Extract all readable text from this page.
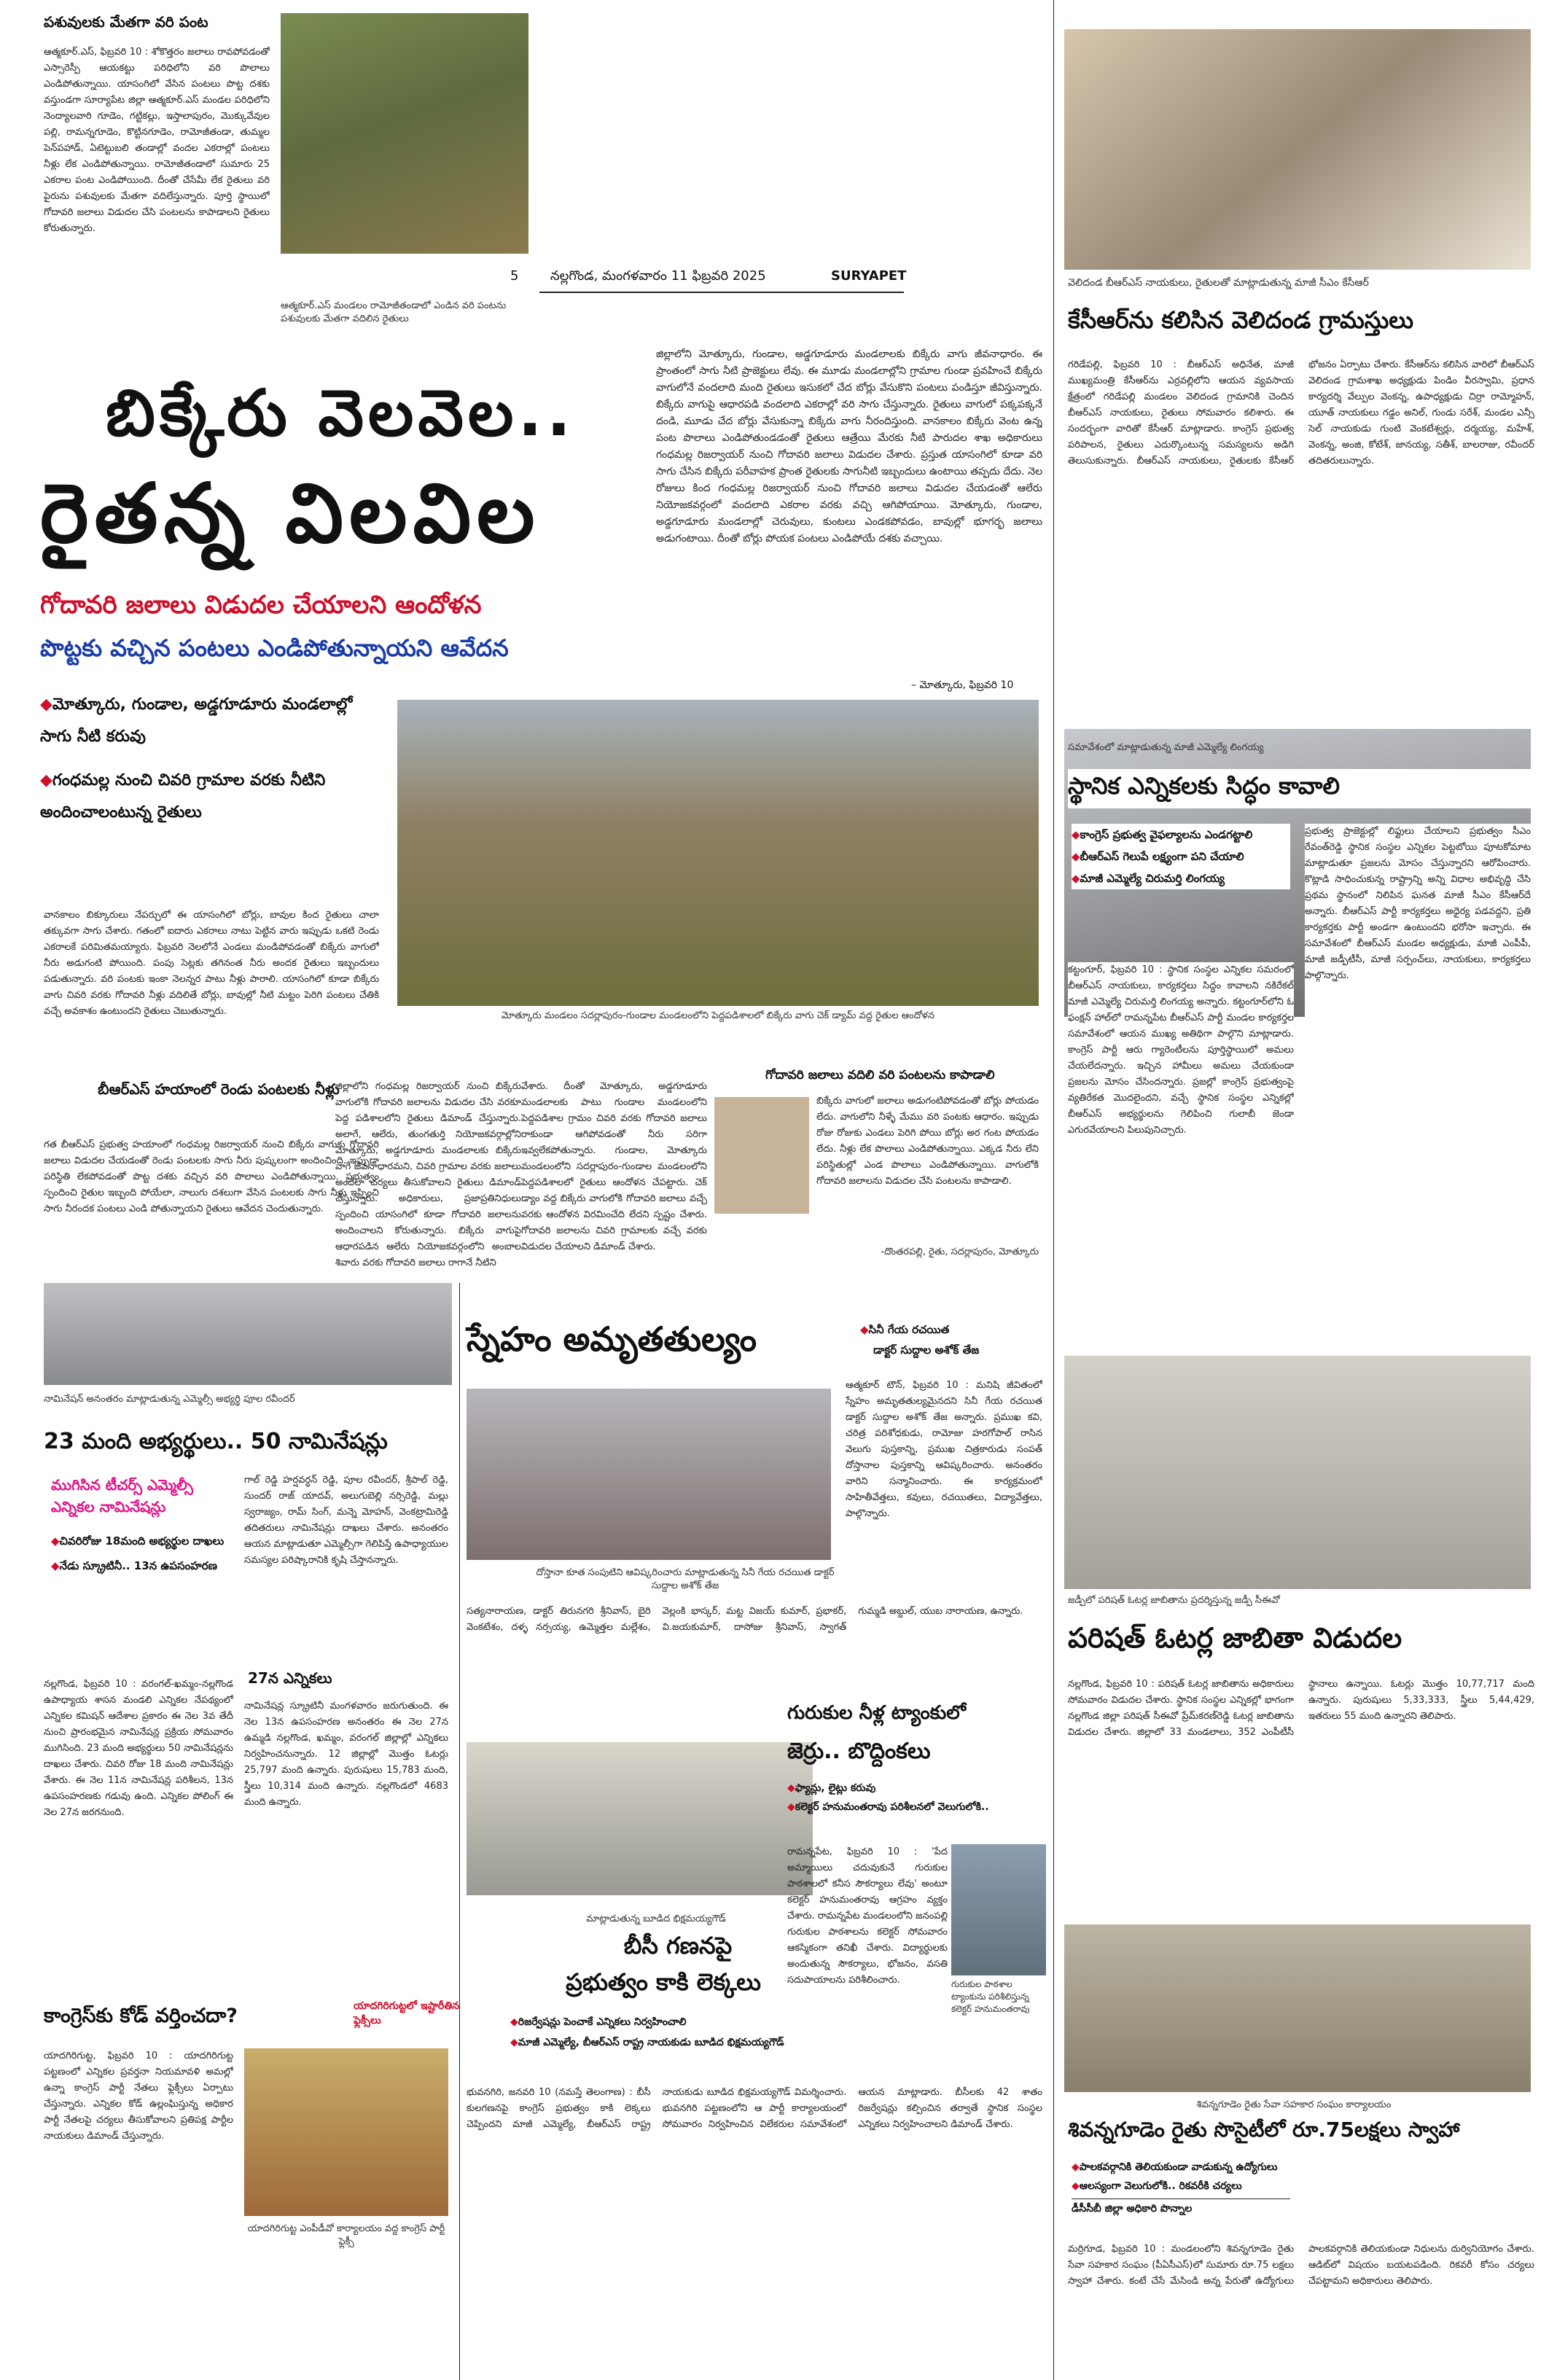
పశువులకు మేతగా వరి పంట
ఆత్మకూర్.ఎస్, ఫిబ్రవరి 10 : శోకొత్తరం జలాలు రావపోవడంతో ఎస్సారెస్పీ ఆయకట్టు పరిధిలోని వరి పొలాలు ఎండిపోతున్నాయి. యాసంగిలో వేసిన పంటలు పొట్ట దశకు వస్తుండగా సూర్యాపేట జిల్లా ఆత్మకూర్.ఎస్ మండల పరిధిలోని నెంద్యాలవారి గూడెం, గట్టికల్లు, ఇస్తాలాపురం, మొక్కువేవుల పల్లి, రామన్నగూడెం, కొట్టినగూడెం, రామోజీతండా, తుమ్మల పెన్‌పహాడ్, ఏటెట్టుబలి తండాల్లో వందల ఎకరాల్లో పంటలు నీళ్లు లేక ఎండిపోతున్నాయి. రామోజీతండాలో సుమారు 25 ఎకరాల పంట ఎండిపోయింది. దీంతో చేసేమీ లేక రైతులు వరి పైరును పశువులకు మేతగా వదిలేస్తున్నారు. పూర్తి స్థాయిలో గోదావరి జలాలు విడుదల చేసి పంటలను కాపాడాలని రైతులు కోరుతున్నారు.
ఆత్మకూర్.ఎస్ మండలం రామోజీతండాలో ఎండిన వరి పంటను పశువులకు మేతగా వదిలిన రైతులు
5 నల్లగొండ, మంగళవారం 11 ఫిబ్రవరి 2025	SURYAPET
బిక్కేరు వెలవెల..
రైతన్న విలవిల
గోదావరి జలాలు విడుదల చేయాలని ఆందోళన
పొట్టకు వచ్చిన పంటలు ఎండిపోతున్నాయని ఆవేదన
◆ మోత్కూరు, గుండాల, అడ్డగూడూరు మండలాల్లో సాగు నీటి కరువు
◆ గంధమల్ల నుంచి చివరి గ్రామాల వరకు నీటిని అందించాలంటున్న రైతులు
జిల్లాలోని మోత్కూరు, గుండాల, అడ్డగూడూరు మండలాలకు బిక్కేరు వాగు జీవనాధారం. ఈ ప్రాంతంలో సాగు నీటి ప్రాజెక్టులు లేవు. ఈ మూడు మండలాల్లోని గ్రామాల గుండా ప్రవహించే బిక్కేరు వాగులోనే వందలాది మంది రైతులు ఇసుకలో చేద బోర్లు వేసుకొని పంటలు పండిస్తూ జీవిస్తున్నారు. బిక్కేరు వాగుపై ఆధారపడి వందలాది ఎకరాల్లో వరి సాగు చేస్తున్నారు. రైతులు వాగులో పక్కపక్కనే దండి, మూడు చేద బోర్లు వేసుకున్నా బిక్కేరు వాగు నీరందిస్తుంది. వానకాలం బిక్కేరు వెంట ఉన్న పంట పొలాలు ఎండిపోతుండడంతో రైతులు ఆత్రేయి మేరకు నీటి పారుదల శాఖ అధికారులు గంధమల్ల రిజర్వాయర్ నుంచి గోదావరి జలాలు విడుదల చేశారు. ప్రస్తుత యాసంగిలో కూడా వరి సాగు చేసిన బిక్కేరు పరీవాహక ప్రాంత రైతులకు సాగునీటి ఇబ్బందులు ఉంటాయి తప్పదు దేదు. నెల రోజులు కింద గంధమల్ల రిజర్వాయర్ నుంచి గోదావరి జలాలు విడుదల చేయడంతో ఆలేరు నియోజకవర్గంలో వందలాది ఎకరాల వరకు వచ్చి ఆగిపోయాయి. మోత్కూరు, గుండాల, అడ్డగూడూరు మండలాల్లో చెరువులు, కుంటలు ఎండకపోవడం, బావుల్లో భూగర్భ జలాలు అడుగంటాయి. దీంతో బోర్లు పోయక పంటలు ఎండిపోయే దశకు వచ్చాయి.
– మోత్కూరు, ఫిబ్రవరి 10
వానకాలం బిక్కూరులు నేపర్చులో ఈ యాసంగిలో బోర్లు, బావుల కింద రైతులు చాలా తక్కువగా సాగు చేశారు. గతంలో ఐదారు ఎకరాలు నాటు పెట్టిన వారు ఇప్పుడు ఒకటి రెండు ఎకరాలకే పరిమితమయ్యారు. ఫిబ్రవరి నెలలోనే ఎండలు మండిపోవడంతో బిక్కేరు వాగులో నీరు అడుగంటి పోయింది. పంపు సెట్లకు తగినంత నీరు అందక రైతులు ఇబ్బందులు పడుతున్నారు. వరి పంటకు ఇంకా నెలన్నర పాటు నీళ్లు పారాలి. యాసంగిలో కూడా బిక్కేరు వాగు చివరి వరకు గోదావరి నీళ్లు వదిలితే బోర్లు, బావుల్లో నీటి మట్టం పెరిగి పంటలు చేతికి వచ్చే అవకాశం ఉంటుందని రైతులు చెబుతున్నారు.	మోత్కూరు మండలం సదర్లాపురం-గుండాల మండలంలోని పెద్దపడిశాలలో బిక్కేరు వాగు చెక్ డ్యామ్ వద్ద రైతుల ఆందోళన
బీఆర్‌ఎస్ హయాంలో రెండు పంటలకు నీళ్లు
గత బీఆర్‌ఎస్ ప్రభుత్వ హయాంలో గంధమల్ల రిజర్వాయర్ నుంచి బిక్కేరు వాగుకు గోదావరి జలాలు విడుదల చేయడంతో రెండు పంటలకు సాగు నీరు పుష్కలంగా అందించింది. ఇప్పుడా పరిస్థితి లేకపోవడంతో పొట్ట దశకు వచ్చిన వరి పొలాలు ఎండిపోతున్నాయి. ప్రభుత్వం స్పందించి రైతుల ఇబ్బంది పోయేలా, నాలుగు దశలుగా వేసిన పంటలకు సాగు నీళ్లు ఇప్పించి సాగు నీరందక పంటలు ఎండి పోతున్నాయని రైతులు ఆవేదన చెందుతున్నారు.
జిల్లాలోని గంధమల్ల రిజర్వాయర్ నుంచి బిక్కేరు వాగులోకి గోదావరి జలాలను విడుదల చేసి వరకూ పెద్ద పడిశాలలోని రైతులు డిమాండ్ చేస్తున్నారు. అలాగే, ఆలేరు, తుంగతుర్తి నియోజకవర్గాల్లోని మోత్కూరు, అడ్డగూడూరు మండలాలకు బిక్కేరు వాగే జీవనాధారమని, చివరి గ్రామాల వరకు జలాలు అందేలా చర్యలు తీసుకోవాలని రైతులు డిమాండ్ చేస్తున్నారు. అధికారులు, ప్రజాప్రతినిధులు స్పందించి యాసంగిలో కూడా గోదావరి జలాలను అందించాలని కోరుతున్నారు. బిక్కేరు వాగుపై ఆధారపడిన ఆలేరు నియోజకవర్గంలోని అంబాల శివారు వరకు గోదావరి జలాలు రాగానే నీటిని
వేశారు. దీంతో మోత్కూరు, అడ్డగూడూరు మండలాలకు పాటు గుండాల మండలంలోని పెద్దపడిశాల గ్రామం చివరి వరకు గోదావరి జలాలు రాకుండా ఆగిపోవడంతో నీరు సరిగా ఇవ్వలేకపోతున్నారు. గుండాల, మోత్కూరు మండలంలోని సదర్లాపురం-గుండాల మండలంలోని పెద్దపడిశాలలో రైతులు ఆందోళన చేపట్టారు. చెక్ డ్యాం వద్ద బిక్కేరు వాగులోకి గోదావరి జలాలు వచ్చే వరకు ఆందోళన విరమించేది లేదని స్పష్టం చేశారు. గోదావరి జలాలను చివరి గ్రామాలకు వచ్చే వరకు విడుదల చేయాలని డిమాండ్ చేశారు.
గోదావరి జలాలు వదిలి వరి పంటలను కాపాడాలి
బిక్కేరు వాగులో జలాలు అడుగంటిపోవడంతో బోర్లు పోయడం లేదు. వాగులోని నీళ్ళే మేము వరి పంటకు ఆధారం. ఇప్పుడు రోజు రోజుకు ఎండలు పెరిగి పోయి బోర్లు అర గంట పోయడం లేదు. నీళ్లు లేక పొలాలు ఎండిపోతున్నాయి. ఎక్కడ నీరు లేని పరిస్థితుల్లో ఎండ పొలాలు ఎండిపోతున్నాయి. వాగులోకి గోదావరి జలాలను విడుదల చేసి పంటలను కాపాడాలి.
-దొంతరపల్లి, రైతు, సదర్లాపురం, మోత్కూరు
వెలిదండ బీఆర్ఎస్ నాయకులు, రైతులతో మాట్లాడుతున్న మాజీ సీఎం కేసీఆర్
కేసీఆర్‌ను కలిసిన వెలిదండ గ్రామస్తులు
గరిడేపల్లి, ఫిబ్రవరి 10 : బీఆర్‌ఎస్ అధినేత, మాజీ ముఖ్యమంత్రి కేసీఆర్‌ను ఎర్రవల్లిలోని ఆయన వ్యవసాయ క్షేత్రంలో గరిడేపల్లి మండలం వెలిదండ గ్రామానికి చెందిన బీఆర్‌ఎస్ నాయకులు, రైతులు సోమవారం కలిశారు. ఈ సందర్భంగా వారితో కేసీఆర్ మాట్లాడారు. కాంగ్రెస్ ప్రభుత్వ పరిపాలన, రైతులు ఎదుర్కొంటున్న సమస్యలను అడిగి తెలుసుకున్నారు. బీఆర్‌ఎస్ నాయకులు, రైతులకు కేసీఆర్ భోజనం ఏర్పాటు చేశారు. కేసీఆర్‌ను కలిసిన వారిలో బీఆర్ఎస్ వెలిదండ గ్రామశాఖ అధ్యక్షుడు పిండిం వీరస్వామి, ప్రధాన కార్యదర్శి వేల్పుల వెంకన్న, ఉపాధ్యక్షుడు చిర్రా రామ్మోహన్, యూత్ నాయకులు గడ్డం అనిల్, గుండు సరేశ్, మండల ఎన్సీ సెల్ నాయకుడు గుంటి వెంకటేశ్వర్లు, దర్మయ్య, మహేశ్, వెంకన్న, అంజి, కోటేశ్, జానయ్య, సతీశ్, బాలరాజు, రవీందర్ తదితరులున్నారు.
సమావేశంలో మాట్లాడుతున్న మాజీ ఎమ్మెల్యే లింగయ్య
స్థానిక ఎన్నికలకు సిద్ధం కావాలి
◆ కాంగ్రెస్ ప్రభుత్వ వైఫల్యాలను ఎండగట్టాలి
◆ బీఆర్‌ఎస్ గెలుపే లక్ష్యంగా పని చేయాలి
◆ మాజీ ఎమ్మెల్యే చిరుమర్తి లింగయ్య
కట్టంగూర్, ఫిబ్రవరి 10 : స్థానిక సంస్థల ఎన్నికల సమరంలో బీఆర్‌ఎస్ నాయకులు, కార్యకర్తలు సిద్ధం కావాలని నకిరేకల్ మాజీ ఎమ్మెల్యే చిరుమర్తి లింగయ్య అన్నారు. కట్టంగూర్‌లోని ఓ ఫంక్షన్ హాల్‌లో రామన్నపేట బీఆర్‌ఎస్ పార్టీ మండల కార్యకర్తల సమావేశంలో ఆయన ముఖ్య అతిథిగా పాల్గొని మాట్లాడారు. కాంగ్రెస్ పార్టీ ఆరు గ్యారెంటీలను పూర్తిస్థాయిలో అమలు చేయలేదన్నారు. ఇచ్చిన హామీలు అమలు చేయకుండా ప్రజలను మోసం చేసిందన్నారు. ప్రజల్లో కాంగ్రెస్ ప్రభుత్వంపై వ్యతిరేకత మొదలైందని, వచ్చే స్థానిక సంస్థల ఎన్నికల్లో బీఆర్‌ఎస్ అభ్యర్థులను గెలిపించి గులాబీ జెండా ఎగురవేయాలని పిలుపునిచ్చారు.
ప్రభుత్వ ప్రాజెక్టుల్లో లిఫ్టులు చేయాలని ప్రభుత్వం సీఎం రేవంత్‌రెడ్డి స్థానిక సంస్థల ఎన్నికల పెట్టబోయి పూటకోమాట మాట్లాడుతూ ప్రజలను మోసం చేస్తున్నారని ఆరోపించారు. కొట్లాడి సాధించుకున్న రాష్ట్రాన్ని అన్ని విధాల అభివృద్ధి చేసి ప్రథమ స్థానంలో నిలిపిన ఘనత మాజీ సీఎం కేసీఆర్‌దే అన్నారు. బీఆర్‌ఎస్ పార్టీ కార్యకర్తలు అధైర్య పడవద్దని, ప్రతి కార్యకర్తకు పార్టీ అండగా ఉంటుందని భరోసా ఇచ్చారు. ఈ సమావేశంలో బీఆర్‌ఎస్ మండల అధ్యక్షుడు, మాజీ ఎంపీపీ, మాజీ జడ్పీటీసీ, మాజీ సర్పంచ్‌లు, నాయకులు, కార్యకర్తలు పాల్గొన్నారు.
స్నేహం అమృతతుల్యం
◆	సినీ గేయ రచయిత
డాక్టర్ సుద్దాల అశోక్ తేజ
ఆత్మకూర్ టౌన్, ఫిబ్రవరి 10 : మనిషి జీవితంలో స్నేహం అమృతతుల్యమైనదని సినీ గేయ రచయిత డాక్టర్ సుద్దాల అశోక్ తేజ అన్నారు. ప్రముఖ కవి, చరిత్ర పరిశోధకుడు, రామోజు హరగోపాల్ రాసిన వెలుగు పుస్తకాన్ని, ప్రముఖ చిత్రకారుడు సంపత్ దోస్తానాల పుస్తకాన్ని ఆవిష్కరించారు. అనంతరం వారిని సన్మానించారు. ఈ కార్యక్రమంలో సాహితీవేత్తలు, కవులు, రచయితలు, విద్యావేత్తలు, పాల్గొన్నారు.
దోస్తానా కూత సంపుటిని ఆవిష్కరించారు మాట్లాడుతున్న సినీ గేయ రచయిత డాక్టర్ సుద్దాల అశోక్ తేజ
సత్యనారాయణ, డాక్టర్ తిరునగరి శ్రీనివాస్, బైరి వెంకటేశం, దళ్ళ నర్సయ్య, ఉమ్మెత్తల మల్లేశం, వెల్లంకి భాస్కర్, మట్ట విజయ్ కుమార్, ప్రభాకర్, వి.జయకుమార్, దాసోజు శ్రీనివాస్, స్వాగత్ గుమ్మడి అబ్దుల్, యుబ నారాయణ, ఉన్నారు.
నామినేషన్ అనంతరం మాట్లాడుతున్న ఎమ్మెల్సీ అభ్యర్థి పూల రవీందర్
23 మంది అభ్యర్థులు.. 50 నామినేషన్లు
ముగిసిన టీచర్స్ ఎమ్మెల్సీ ఎన్నికల నామినేషన్లు
◆ చివరిరోజు 18మంది అభ్యర్థుల దాఖలు
◆ నేడు స్క్రూటినీ.. 13న ఉపసంహరణ
నల్లగొండ, ఫిబ్రవరి 10 : వరంగల్-ఖమ్మం-నల్లగొండ ఉపాధ్యాయ శాసన మండలి ఎన్నికల నేపథ్యంలో ఎన్నికల కమిషన్ ఆదేశాల ప్రకారం ఈ నెల 3వ తేదీ నుంచి ప్రారంభమైన నామినేషన్ల ప్రక్రియ సోమవారం ముగిసింది. 23 మంది అభ్యర్థులు 50 నామినేషన్లను దాఖలు చేశారు. చివరి రోజు 18 మంది నామినేషన్లు వేశారు. ఈ నెల 11న నామినేషన్ల పరిశీలన, 13న ఉపసంహరణకు గడువు ఉంది. ఎన్నికల పోలింగ్ ఈ నెల 27న జరగనుంది.
గాల్ రెడ్డి హర్షవర్ధన్ రెడ్డి, పూల రవీందర్, శ్రీపాల్ రెడ్డి, సుందర్ రాజ్ యాదవ్, అలుగుబెల్లి నర్సిరెడ్డి, మల్లు స్వరాజ్యం, రామ్ సింగ్, మన్నె మోహన్, వెంకట్రామిరెడ్డి తదితరులు నామినేషన్లు దాఖలు చేశారు. అనంతరం ఆయన మాట్లాడుతూ ఎమ్మెల్సీగా గెలిపిస్తే ఉపాధ్యాయుల సమస్యల పరిష్కారానికి కృషి చేస్తానన్నారు.
27న ఎన్నికలు
నామినేషన్ల స్క్రూటినీ మంగళవారం జరుగుతుంది. ఈ నెల 13న ఉపసంహరణ అనంతరం ఈ నెల 27న ఉమ్మడి నల్లగొండ, ఖమ్మం, వరంగల్ జిల్లాల్లో ఎన్నికలు నిర్వహించనున్నారు. 12 జిల్లాల్లో మొత్తం ఓటర్లు 25,797 మంది ఉన్నారు. పురుషులు 15,783 మంది, స్త్రీలు 10,314 మంది ఉన్నారు. నల్లగొండలో 4683 మంది ఉన్నారు.
కాంగ్రెస్‌కు కోడ్ వర్తించదా?	యాదగిరిగుట్టలో ఇష్టారీతిన ఫ్లెక్సీలు
యాదగిరిగుట్ట, ఫిబ్రవరి 10 : యాదగిరిగుట్ట పట్టణంలో ఎన్నికల ప్రవర్తనా నియమావళి అమల్లో ఉన్నా కాంగ్రెస్ పార్టీ నేతలు ఫ్లెక్సీలు ఏర్పాటు చేస్తున్నారు. ఎన్నికల కోడ్ ఉల్లంఘిస్తున్న అధికార పార్టీ నేతలపై చర్యలు తీసుకోవాలని ప్రతిపక్ష పార్టీల నాయకులు డిమాండ్ చేస్తున్నారు.
యాదగిరిగుట్ట ఎంపీడీవో కార్యాలయం వద్ద కాంగ్రెస్ పార్టీ ఫ్లెక్సీ
మాట్లాడుతున్న బూడిద భిక్షమయ్యగౌడ్
బీసీ గణనపై
ప్రభుత్వం కాకి లెక్కలు
◆ రిజర్వేషన్లు పెంచాకే ఎన్నికలు నిర్వహించాలి
◆ మాజీ ఎమ్మెల్యే, బీఆర్‌ఎస్ రాష్ట్ర నాయకుడు బూడిద భిక్షమయ్యగౌడ్
భువనగిరి, జనవరి 10 (నమస్తే తెలంగాణ) : బీసీ కులగణనపై కాంగ్రెస్ ప్రభుత్వం కాకి లెక్కలు చెప్పిందని మాజీ ఎమ్మెల్యే, బీఆర్‌ఎస్ రాష్ట్ర నాయకుడు బూడిద భిక్షమయ్యగౌడ్ విమర్శించారు. భువనగిరి పట్టణంలోని ఆ పార్టీ కార్యాలయంలో సోమవారం నిర్వహించిన విలేకరుల సమావేశంలో ఆయన మాట్లాడారు. బీసీలకు 42 శాతం రిజర్వేషన్లు కల్పించిన తర్వాతే స్థానిక సంస్థల ఎన్నికలు నిర్వహించాలని డిమాండ్ చేశారు.
గురుకుల నీళ్ల ట్యాంకులో
జెర్రు.. బొద్దింకలు
◆ ఫ్యాన్లు, లైట్లు కరువు
◆ కలెక్టర్ హనుమంతరావు పరిశీలనలో వెలుగులోకి..
రామన్నపేట, ఫిబ్రవరి 10 : 'పేద అమ్మాయిలు చదువుకునే గురుకుల పాఠశాలలో కనీస సౌకర్యాలు లేవు' అంటూ కలెక్టర్ హనుమంతరావు ఆగ్రహం వ్యక్తం చేశారు. రామన్నపేట మండలంలోని జనంపల్లి గురుకుల పాఠశాలను కలెక్టర్ సోమవారం ఆకస్మికంగా తనిఖీ చేశారు. విద్యార్థులకు అందుతున్న సౌకర్యాలు, భోజనం, వసతి సదుపాయాలను పరిశీలించారు.	గురుకుల పాఠశాల ట్యాంకును పరిశీలిస్తున్న కలెక్టర్ హనుమంతరావు
జడ్పీలో పరిషత్ ఓటర్ల జాబితాను ప్రదర్శిస్తున్న జడ్పీ సీఈవో
పరిషత్ ఓటర్ల జాబితా విడుదల
నల్లగొండ, ఫిబ్రవరి 10 : పరిషత్ ఓటర్ల జాబితాను అధికారులు సోమవారం విడుదల చేశారు. స్థానిక సంస్థల ఎన్నికల్లో భాగంగా నల్లగొండ జిల్లా పరిషత్ సీఈవో ప్రేమ్‌కరణ్‌రెడ్డి ఓటర్ల జాబితాను విడుదల చేశారు. జిల్లాలో 33 మండలాలు, 352 ఎంపీటీసీ స్థానాలు ఉన్నాయి. ఓటర్లు మొత్తం 10,77,717 మంది ఉన్నారు. పురుషులు 5,33,333, స్త్రీలు 5,44,429, ఇతరులు 55 మంది ఉన్నారని తెలిపారు.
శివన్నగూడెం రైతు సేవా సహకార సంఘం కార్యాలయం
శివన్నగూడెం రైతు సొసైటీలో రూ.75లక్షలు స్వాహా
◆ పాలకవర్గానికి తెలియకుండా వాడుకున్న ఉద్యోగులు
◆ ఆలస్యంగా వెలుగులోకి.. రికవరీకి చర్యలు
డీసీసీబీ జిల్లా అధికారి పొన్నాల
మర్రిగూడ, ఫిబ్రవరి 10 : మండలంలోని శివన్నగూడెం రైతు సేవా సహకార సంఘం (పీఏసీఎస్)లో సుమారు రూ.75 లక్షలు స్వాహా చేశారు. కంటే చేసే మేసిండి అన్న పేరుతో ఉద్యోగులు పాలకవర్గానికి తెలియకుండా నిధులను దుర్వినియోగం చేశారు. ఆడిట్‌లో విషయం బయటపడింది. రికవరీ కోసం చర్యలు చేపట్టామని అధికారులు తెలిపారు.
